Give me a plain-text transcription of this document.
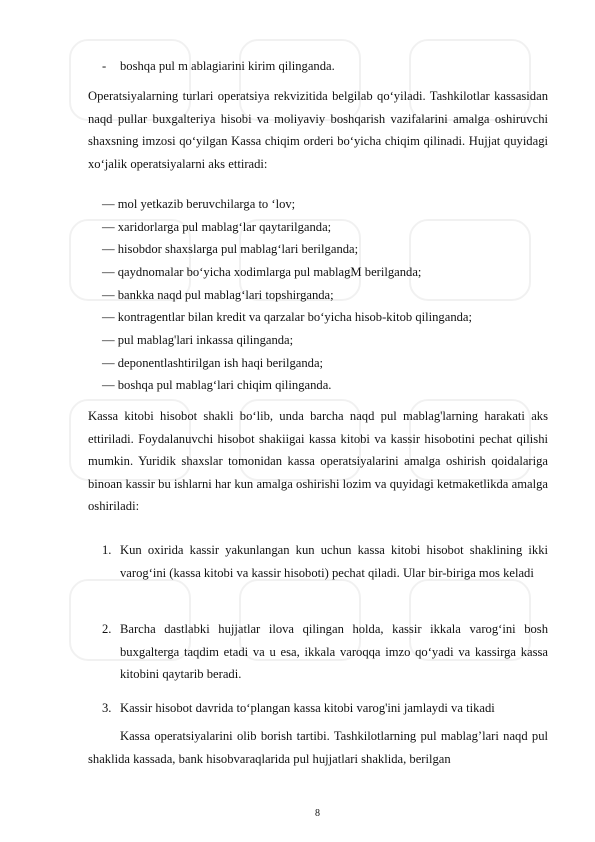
- boshqa pul m ablagiarini kirim qilinganda.
Operatsiyalarning turlari operatsiya rekvizitida belgilab qo‘yiladi. Tashkilotlar kassasidan naqd pullar buxgalteriya hisobi va moliyaviy boshqarish vazifalarini amalga oshiruvchi shaxsning imzosi qo‘yilgan Kassa chiqim orderi bo‘yicha chiqim qilinadi. Hujjat quyidagi xo‘jalik operatsiyalarni aks ettiradi:
— mol yetkazib beruvchilarga to ‘lov;
— xaridorlarga pul mablag‘lar qaytarilganda;
— hisobdor shaxslarga pul mablag‘lari berilganda;
— qaydnomalar bo‘yicha xodimlarga pul mablagM berilganda;
— bankka naqd pul mablag‘lari topshirganda;
— kontragentlar bilan kredit va qarzalar bo‘yicha hisob-kitob qilinganda;
— pul mablag'lari inkassa qilinganda;
— deponentlashtirilgan ish haqi berilganda;
— boshqa pul mablag‘lari chiqim qilinganda.
Kassa kitobi hisobot shakli bo‘lib, unda barcha naqd pul mablag'larning harakati aks ettiriladi. Foydalanuvchi hisobot shakiigai kassa kitobi va kassir hisobotini pechat qilishi mumkin. Yuridik shaxslar tomonidan kassa operatsiyalarini amalga oshirish qoidalariga binoan kassir bu ishlarni har kun amalga oshirishi lozim va quyidagi ketmaketlikda amalga oshiriladi:
1. Kun oxirida kassir yakunlangan kun uchun kassa kitobi hisobot shaklining ikki varog‘ini (kassa kitobi va kassir hisoboti) pechat qiladi. Ular bir-biriga mos keladi
2. Barcha dastlabki hujjatlar ilova qilingan holda, kassir ikkala varog‘ini bosh buxgalterga taqdim etadi va u esa, ikkala varoqqa imzo qo‘yadi va kassirga kassa kitobini qaytarib beradi.
3. Kassir hisobot davrida to‘plangan kassa kitobi varog'ini jamlaydi va tikadi
Kassa operatsiyalarini olib borish tartibi. Tashkilotlarning pul mablag’lari naqd pul shaklida kassada, bank hisobvaraqlarida pul hujjatlari shaklida, berilgan
8
